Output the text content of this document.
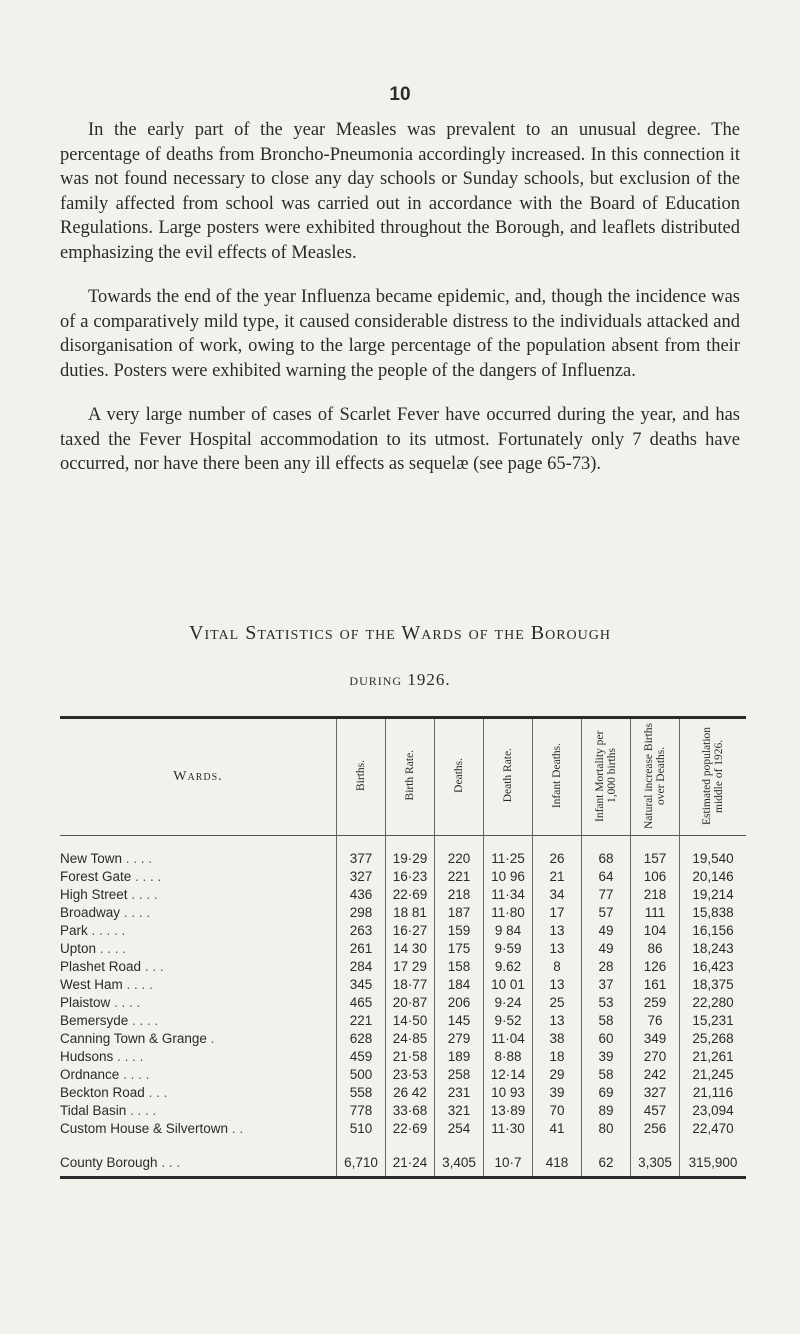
10

In the early part of the year Measles was prevalent to an unusual degree. The percentage of deaths from Broncho-Pneumonia accordingly increased. In this connection it was not found necessary to close any day schools or Sunday schools, but exclusion of the family affected from school was carried out in accordance with the Board of Education Regulations. Large posters were exhibited throughout the Borough, and leaflets distributed emphasizing the evil effects of Measles.

Towards the end of the year Influenza became epidemic, and, though the incidence was of a comparatively mild type, it caused considerable distress to the individuals attacked and disorganisation of work, owing to the large percentage of the population absent from their duties. Posters were exhibited warning the people of the dangers of Influenza.

A very large number of cases of Scarlet Fever have occurred during the year, and has taxed the Fever Hospital accommodation to its utmost. Fortunately only 7 deaths have occurred, nor have there been any ill effects as sequelæ (see page 65-73).

Vital Statistics of the Wards of the Borough
during 1926.
Wards.	Births.	Birth Rate.	Deaths.	Death Rate.	Infant Deaths.	Infant Mortality per 1,000 births	Natural increase Births over Deaths.	Estimated population middle of 1926.
New Town . . . .	377	19·29	220	11·25	26	68	157	19,540
Forest Gate . . . .	327	16·23	221	10 96	21	64	106	20,146
High Street . . . .	436	22·69	218	11·34	34	77	218	19,214
Broadway . . . .	298	18 81	187	11·80	17	57	111	15,838
Park . . . . .	263	16·27	159	9 84	13	49	104	16,156
Upton . . . .	261	14 30	175	9·59	13	49	86	18,243
Plashet Road . . .	284	17 29	158	9.62	8	28	126	16,423
West Ham . . . .	345	18·77	184	10 01	13	37	161	18,375
Plaistow . . . .	465	20·87	206	9·24	25	53	259	22,280
Bemersyde . . . .	221	14·50	145	9·52	13	58	76	15,231
Canning Town & Grange .	628	24·85	279	11·04	38	60	349	25,268
Hudsons . . . .	459	21·58	189	8·88	18	39	270	21,261
Ordnance . . . .	500	23·53	258	12·14	29	58	242	21,245
Beckton Road . . .	558	26 42	231	10 93	39	69	327	21,116
Tidal Basin . . . .	778	33·68	321	13·89	70	89	457	23,094
Custom House & Silvertown . .	510	22·69	254	11·30	41	80	256	22,470
County Borough . . .	6,710	21·24	3,405	10·7	418	62	3,305	315,900
